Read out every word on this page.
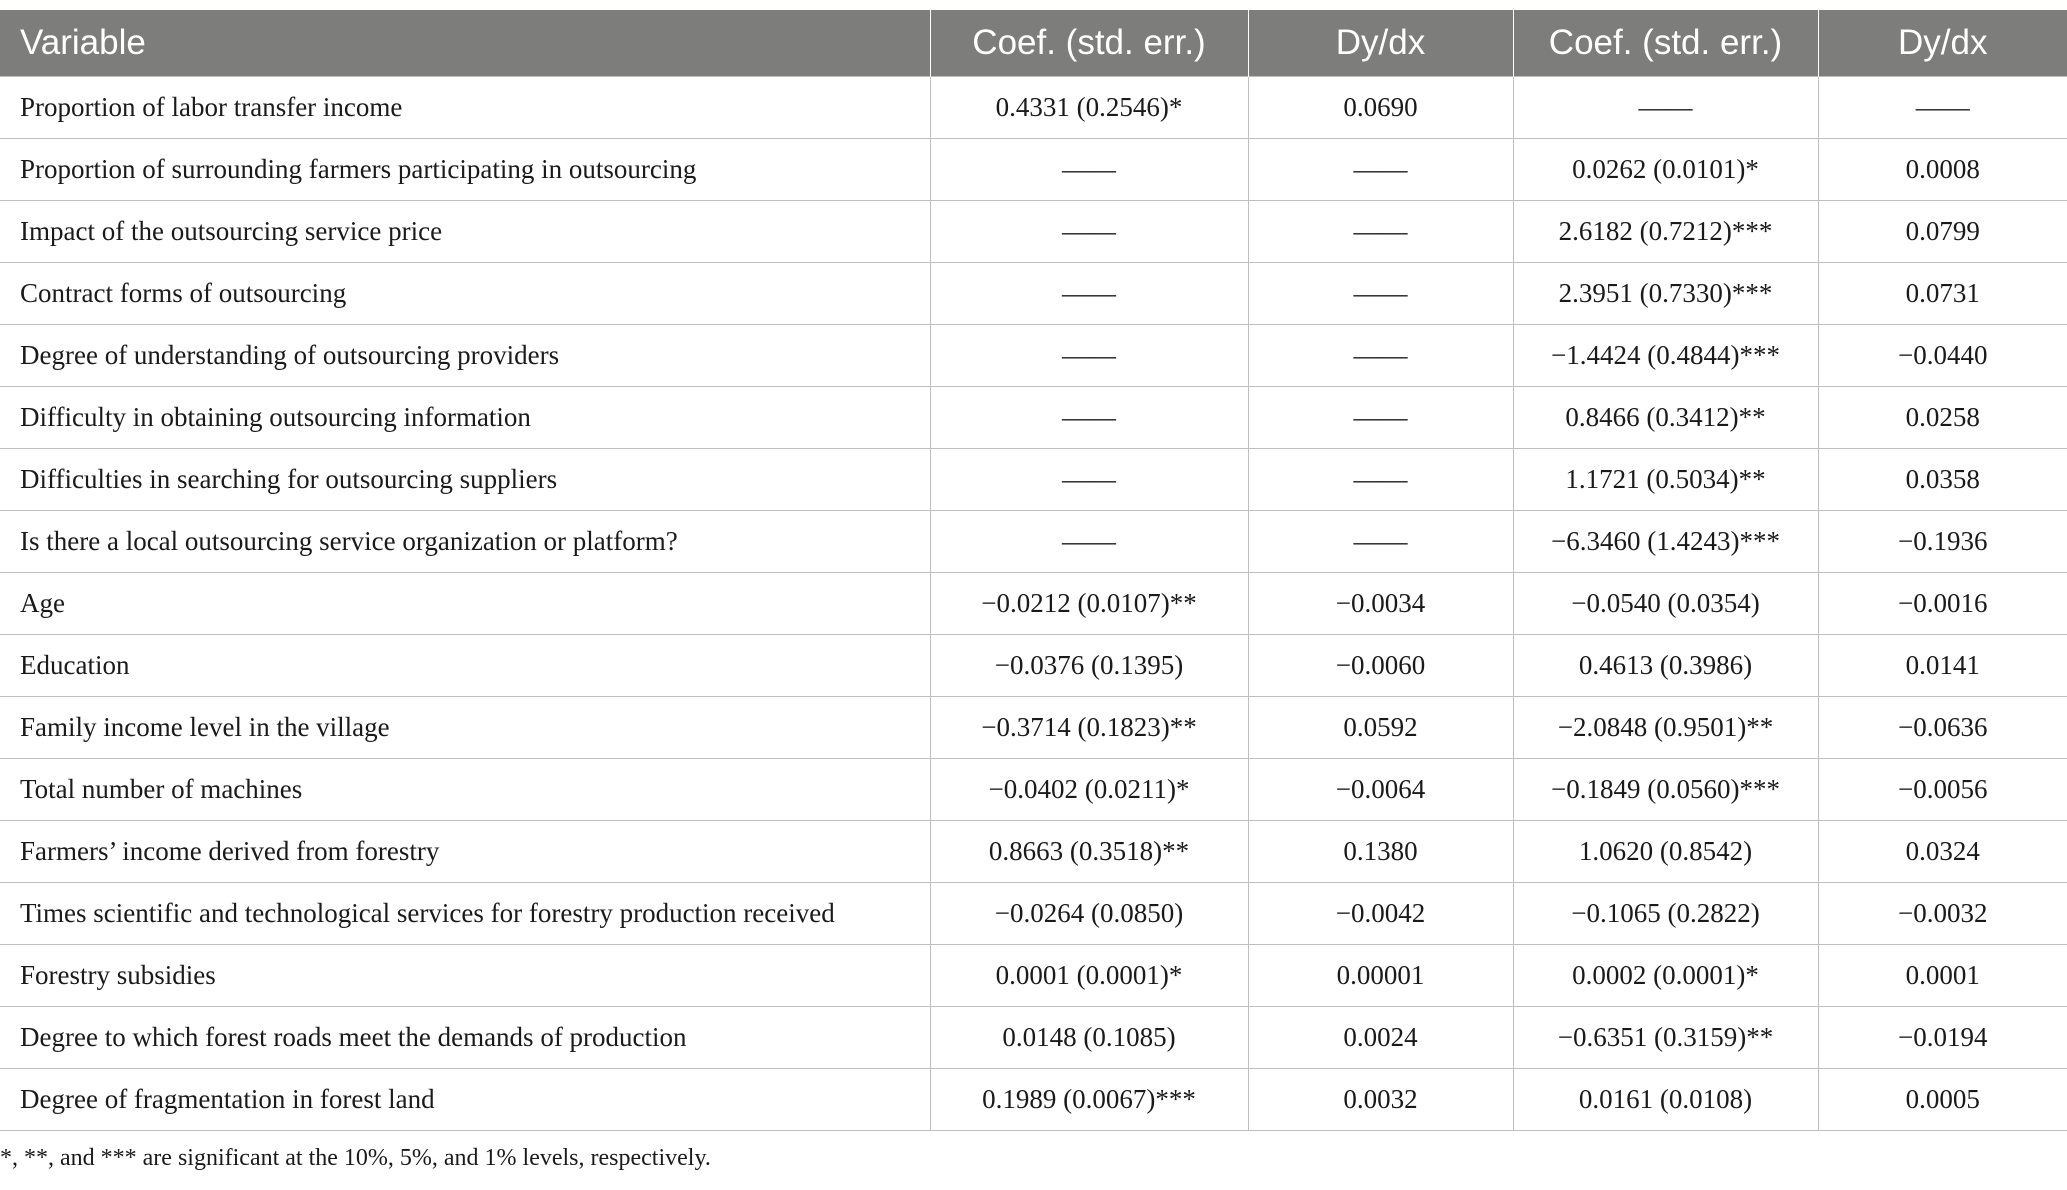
Variable	Coef. (std. err.)	Dy/dx	Coef. (std. err.)	Dy/dx
Proportion of labor transfer income	0.4331 (0.2546)*	0.0690	——	——
Proportion of surrounding farmers participating in outsourcing	——	——	0.0262 (0.0101)*	0.0008
Impact of the outsourcing service price	——	——	2.6182 (0.7212)***	0.0799
Contract forms of outsourcing	——	——	2.3951 (0.7330)***	0.0731
Degree of understanding of outsourcing providers	——	——	−1.4424 (0.4844)***	−0.0440
Difficulty in obtaining outsourcing information	——	——	0.8466 (0.3412)**	0.0258
Difficulties in searching for outsourcing suppliers	——	——	1.1721 (0.5034)**	0.0358
Is there a local outsourcing service organization or platform?	——	——	−6.3460 (1.4243)***	−0.1936
Age	−0.0212 (0.0107)**	−0.0034	−0.0540 (0.0354)	−0.0016
Education	−0.0376 (0.1395)	−0.0060	0.4613 (0.3986)	0.0141
Family income level in the village	−0.3714 (0.1823)**	0.0592	−2.0848 (0.9501)**	−0.0636
Total number of machines	−0.0402 (0.0211)*	−0.0064	−0.1849 (0.0560)***	−0.0056
Farmers’ income derived from forestry	0.8663 (0.3518)**	0.1380	1.0620 (0.8542)	0.0324
Times scientific and technological services for forestry production received	−0.0264 (0.0850)	−0.0042	−0.1065 (0.2822)	−0.0032
Forestry subsidies	0.0001 (0.0001)*	0.00001	0.0002 (0.0001)*	0.0001
Degree to which forest roads meet the demands of production	0.0148 (0.1085)	0.0024	−0.6351 (0.3159)**	−0.0194
Degree of fragmentation in forest land	0.1989 (0.0067)***	0.0032	0.0161 (0.0108)	0.0005
*, **, and *** are significant at the 10%, 5%, and 1% levels, respectively.
